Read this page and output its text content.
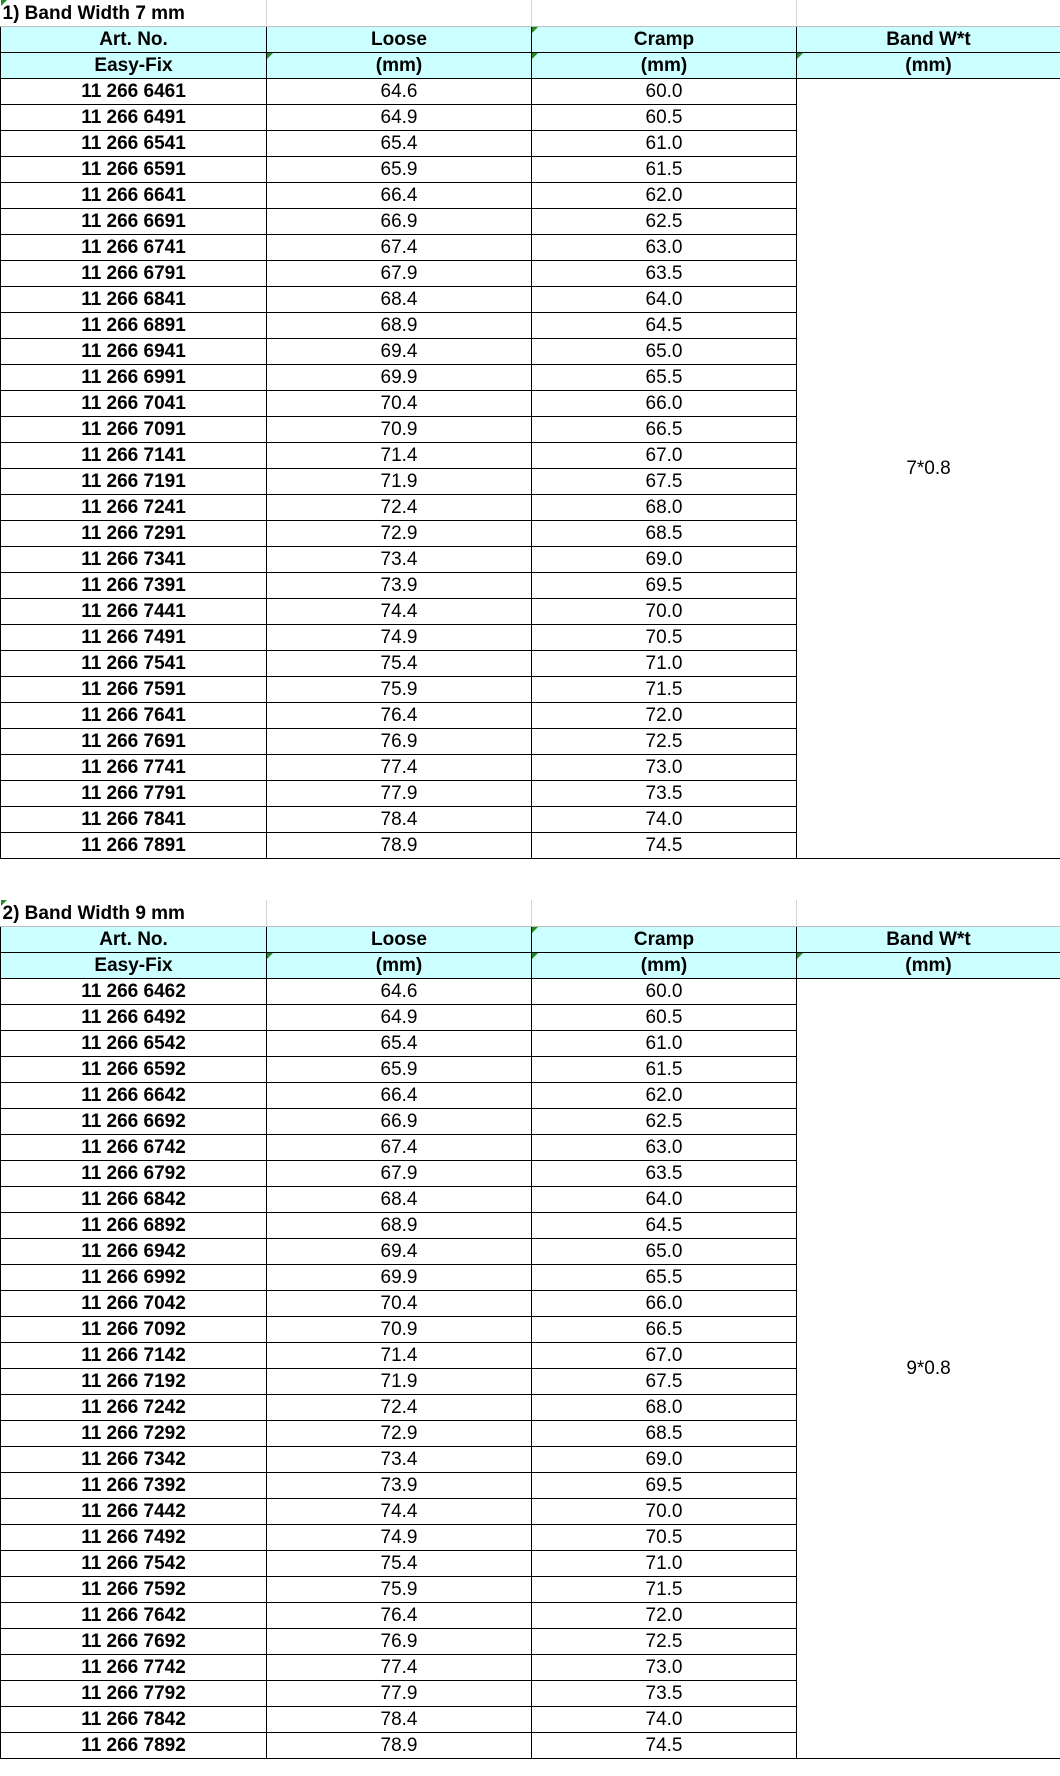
1) Band Width 7 mm			
Art. No.	Loose	Cramp	Band W*t
Easy-Fix	(mm)	(mm)	(mm)
11 266 6461	64.6	60.0	7*0.8
11 266 6491	64.9	60.5	
11 266 6541	65.4	61.0	
11 266 6591	65.9	61.5	
11 266 6641	66.4	62.0	
11 266 6691	66.9	62.5	
11 266 6741	67.4	63.0	
11 266 6791	67.9	63.5	
11 266 6841	68.4	64.0	
11 266 6891	68.9	64.5	
11 266 6941	69.4	65.0	
11 266 6991	69.9	65.5	
11 266 7041	70.4	66.0	
11 266 7091	70.9	66.5	
11 266 7141	71.4	67.0	
11 266 7191	71.9	67.5	
11 266 7241	72.4	68.0	
11 266 7291	72.9	68.5	
11 266 7341	73.4	69.0	
11 266 7391	73.9	69.5	
11 266 7441	74.4	70.0	
11 266 7491	74.9	70.5	
11 266 7541	75.4	71.0	
11 266 7591	75.9	71.5	
11 266 7641	76.4	72.0	
11 266 7691	76.9	72.5	
11 266 7741	77.4	73.0	
11 266 7791	77.9	73.5	
11 266 7841	78.4	74.0	
11 266 7891	78.9	74.5	
2) Band Width 9 mm			
Art. No.	Loose	Cramp	Band W*t
Easy-Fix	(mm)	(mm)	(mm)
11 266 6462	64.6	60.0	9*0.8
11 266 6492	64.9	60.5	
11 266 6542	65.4	61.0	
11 266 6592	65.9	61.5	
11 266 6642	66.4	62.0	
11 266 6692	66.9	62.5	
11 266 6742	67.4	63.0	
11 266 6792	67.9	63.5	
11 266 6842	68.4	64.0	
11 266 6892	68.9	64.5	
11 266 6942	69.4	65.0	
11 266 6992	69.9	65.5	
11 266 7042	70.4	66.0	
11 266 7092	70.9	66.5	
11 266 7142	71.4	67.0	
11 266 7192	71.9	67.5	
11 266 7242	72.4	68.0	
11 266 7292	72.9	68.5	
11 266 7342	73.4	69.0	
11 266 7392	73.9	69.5	
11 266 7442	74.4	70.0	
11 266 7492	74.9	70.5	
11 266 7542	75.4	71.0	
11 266 7592	75.9	71.5	
11 266 7642	76.4	72.0	
11 266 7692	76.9	72.5	
11 266 7742	77.4	73.0	
11 266 7792	77.9	73.5	
11 266 7842	78.4	74.0	
11 266 7892	78.9	74.5	
